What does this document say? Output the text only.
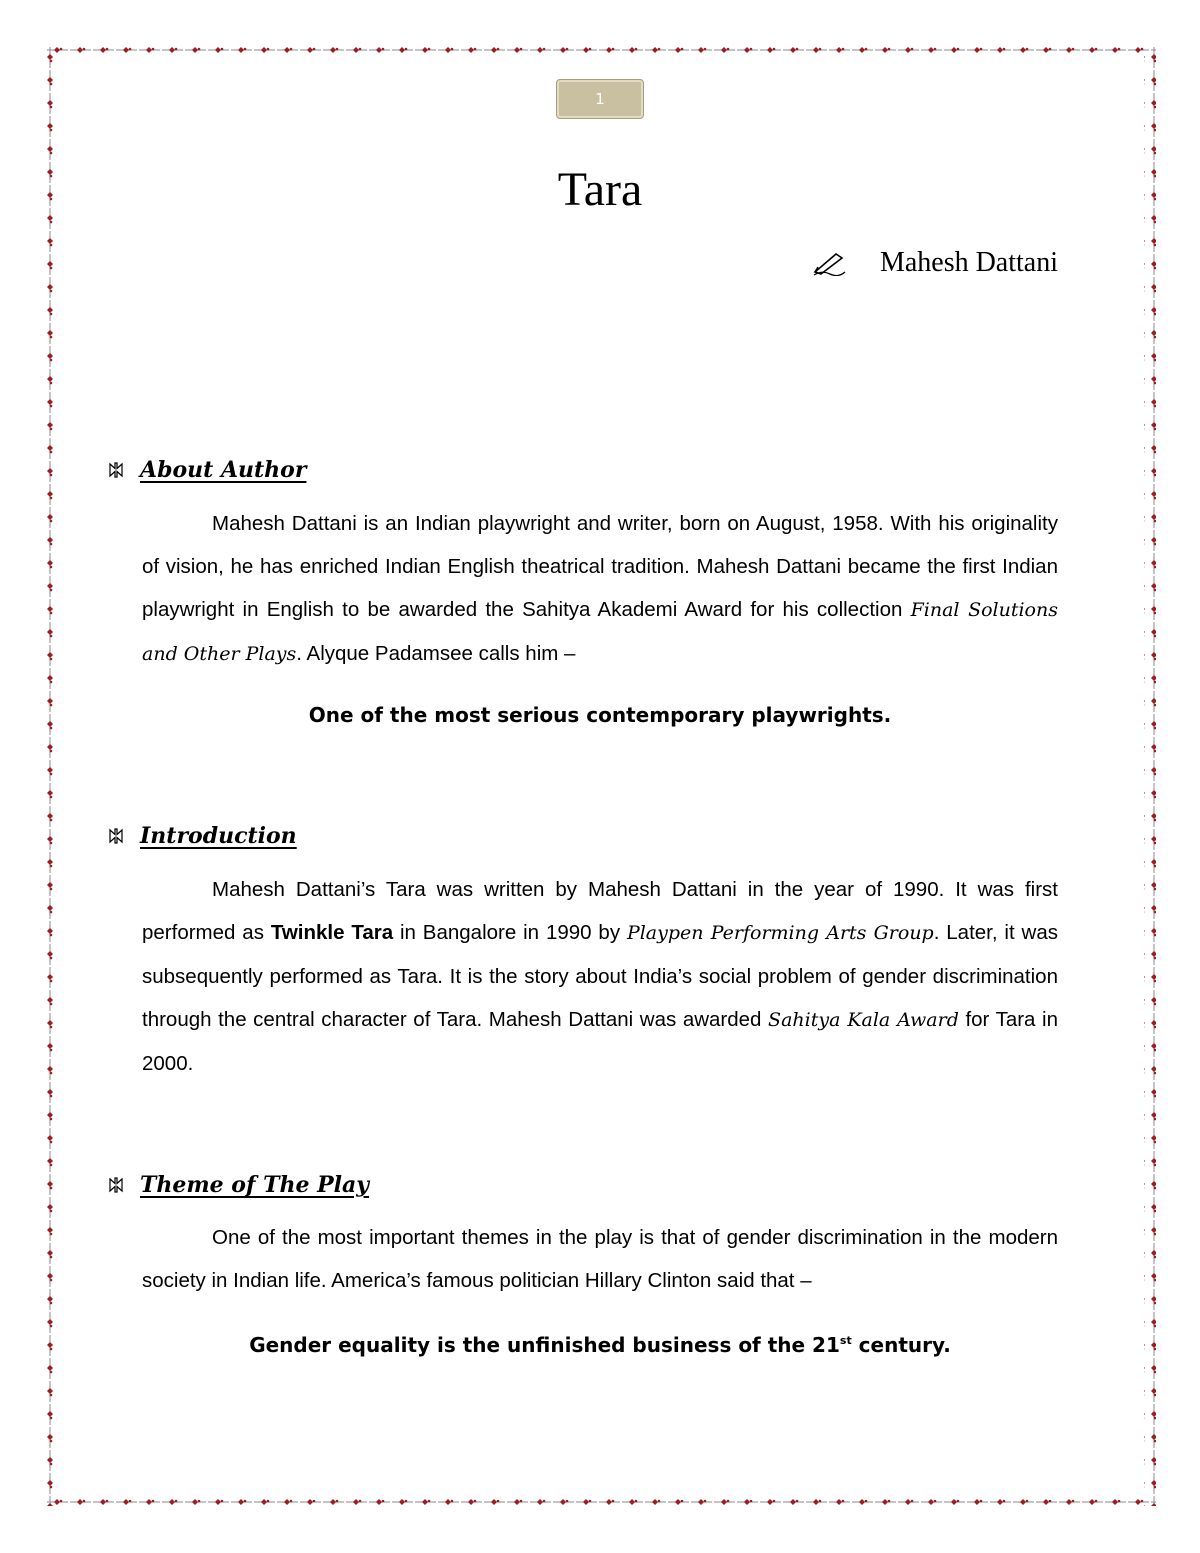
1
Tara
Mahesh Dattani
About Author

Mahesh Dattani is an Indian playwright and writer, born on August, 1958. With his originality of vision, he has enriched Indian English theatrical tradition. Mahesh Dattani became the first Indian playwright in English to be awarded the Sahitya Akademi Award for his collection Final Solutions and Other Plays. Alyque Padamsee calls him –

One of the most serious contemporary playwrights.
Introduction

Mahesh Dattani’s Tara was written by Mahesh Dattani in the year of 1990. It was first performed as Twinkle Tara in Bangalore in 1990 by Playpen Performing Arts Group. Later, it was subsequently performed as Tara. It is the story about India’s social problem of gender discrimination through the central character of Tara. Mahesh Dattani was awarded Sahitya Kala Award for Tara in 2000.

Theme of The Play

One of the most important themes in the play is that of gender discrimination in the modern society in Indian life. America’s famous politician Hillary Clinton said that –

Gender equality is the unfinished business of the 21st century.
